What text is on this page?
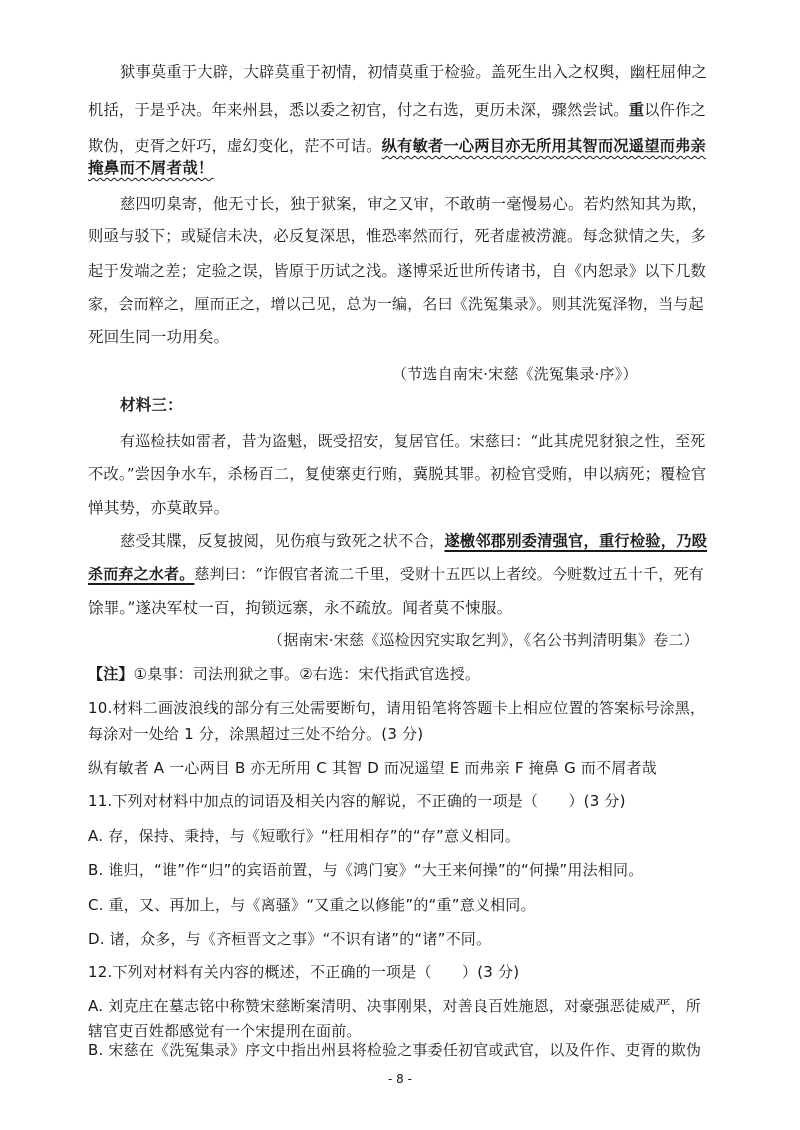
狱事莫重于大辟，大辟莫重于初情，初情莫重于检验。盖死生出入之权舆，幽枉屈伸之
机括，于是乎决。年来州县，悉以委之初官，付之右选，更历未深，骤然尝试。重以仵作之
欺伪，吏胥之奸巧，虚幻变化，茫不可诘。纵有敏者一心两目亦无所用其智而况遥望而弗亲
掩鼻而不屑者哉！
慈四叨臬寄，他无寸长，独于狱案，审之又审，不敢萌一毫慢易心。若灼然知其为欺，
则亟与驳下；或疑信未决，必反复深思，惟恐率然而行，死者虚被涝漉。每念狱情之失，多
起于发端之差；定验之误，皆原于历试之浅。遂博采近世所传诸书，自《内恕录》以下几数
家，会而粹之，厘而正之，增以己见，总为一编，名曰《洗冤集录》。则其洗冤泽物，当与起
死回生同一功用矣。
（节选自南宋·宋慈《洗冤集录·序》）
材料三：
有巡检扶如雷者，昔为盗魁，既受招安，复居官任。宋慈曰：“此其虎兕豺狼之性，至死
不改。”尝因争水车，杀杨百二，复使寨吏行贿，冀脱其罪。初检官受贿，申以病死；覆检官
惮其势，亦莫敢异。
慈受其牒，反复披阅，见伤痕与致死之状不合，遂檄邻郡别委清强官，重行检验，乃殴
杀而弃之水者。慈判曰：“诈假官者流二千里，受财十五匹以上者绞。今赃数过五十千，死有
馀罪。”遂决军杖一百，拘锁远寨，永不疏放。闻者莫不悚服。
（据南宋·宋慈《巡检因究实取乞判》，《名公书判清明集》卷二）
【注】①臬事：司法刑狱之事。②右选：宋代指武官选授。
10.材料二画波浪线的部分有三处需要断句，请用铅笔将答题卡上相应位置的答案标号涂黑，
每涂对一处给 1 分，涂黑超过三处不给分。(3 分)
纵有敏者 A 一心两目 B 亦无所用 C 其智 D 而况遥望 E 而弗亲 F 掩鼻 G 而不屑者哉
11.下列对材料中加点的词语及相关内容的解说，不正确的一项是（　　）(3 分)
A. 存，保持、秉持，与《短歌行》“枉用相存”的“存”意义相同。
B. 谁归，“谁”作“归”的宾语前置，与《鸿门宴》“大王来何操”的“何操”用法相同。
C. 重，又、再加上，与《离骚》“又重之以修能”的“重”意义相同。
D. 诸，众多，与《齐桓晋文之事》“不识有诸”的“诸”不同。
12.下列对材料有关内容的概述，不正确的一项是（　　）(3 分)
A. 刘克庄在墓志铭中称赞宋慈断案清明、决事刚果，对善良百姓施恩，对豪强恶徒威严，所
辖官吏百姓都感觉有一个宋提刑在面前。
B. 宋慈在《洗冤集录》序文中指出州县将检验之事委任初官或武官，以及仵作、吏胥的欺伪
- 8 -
